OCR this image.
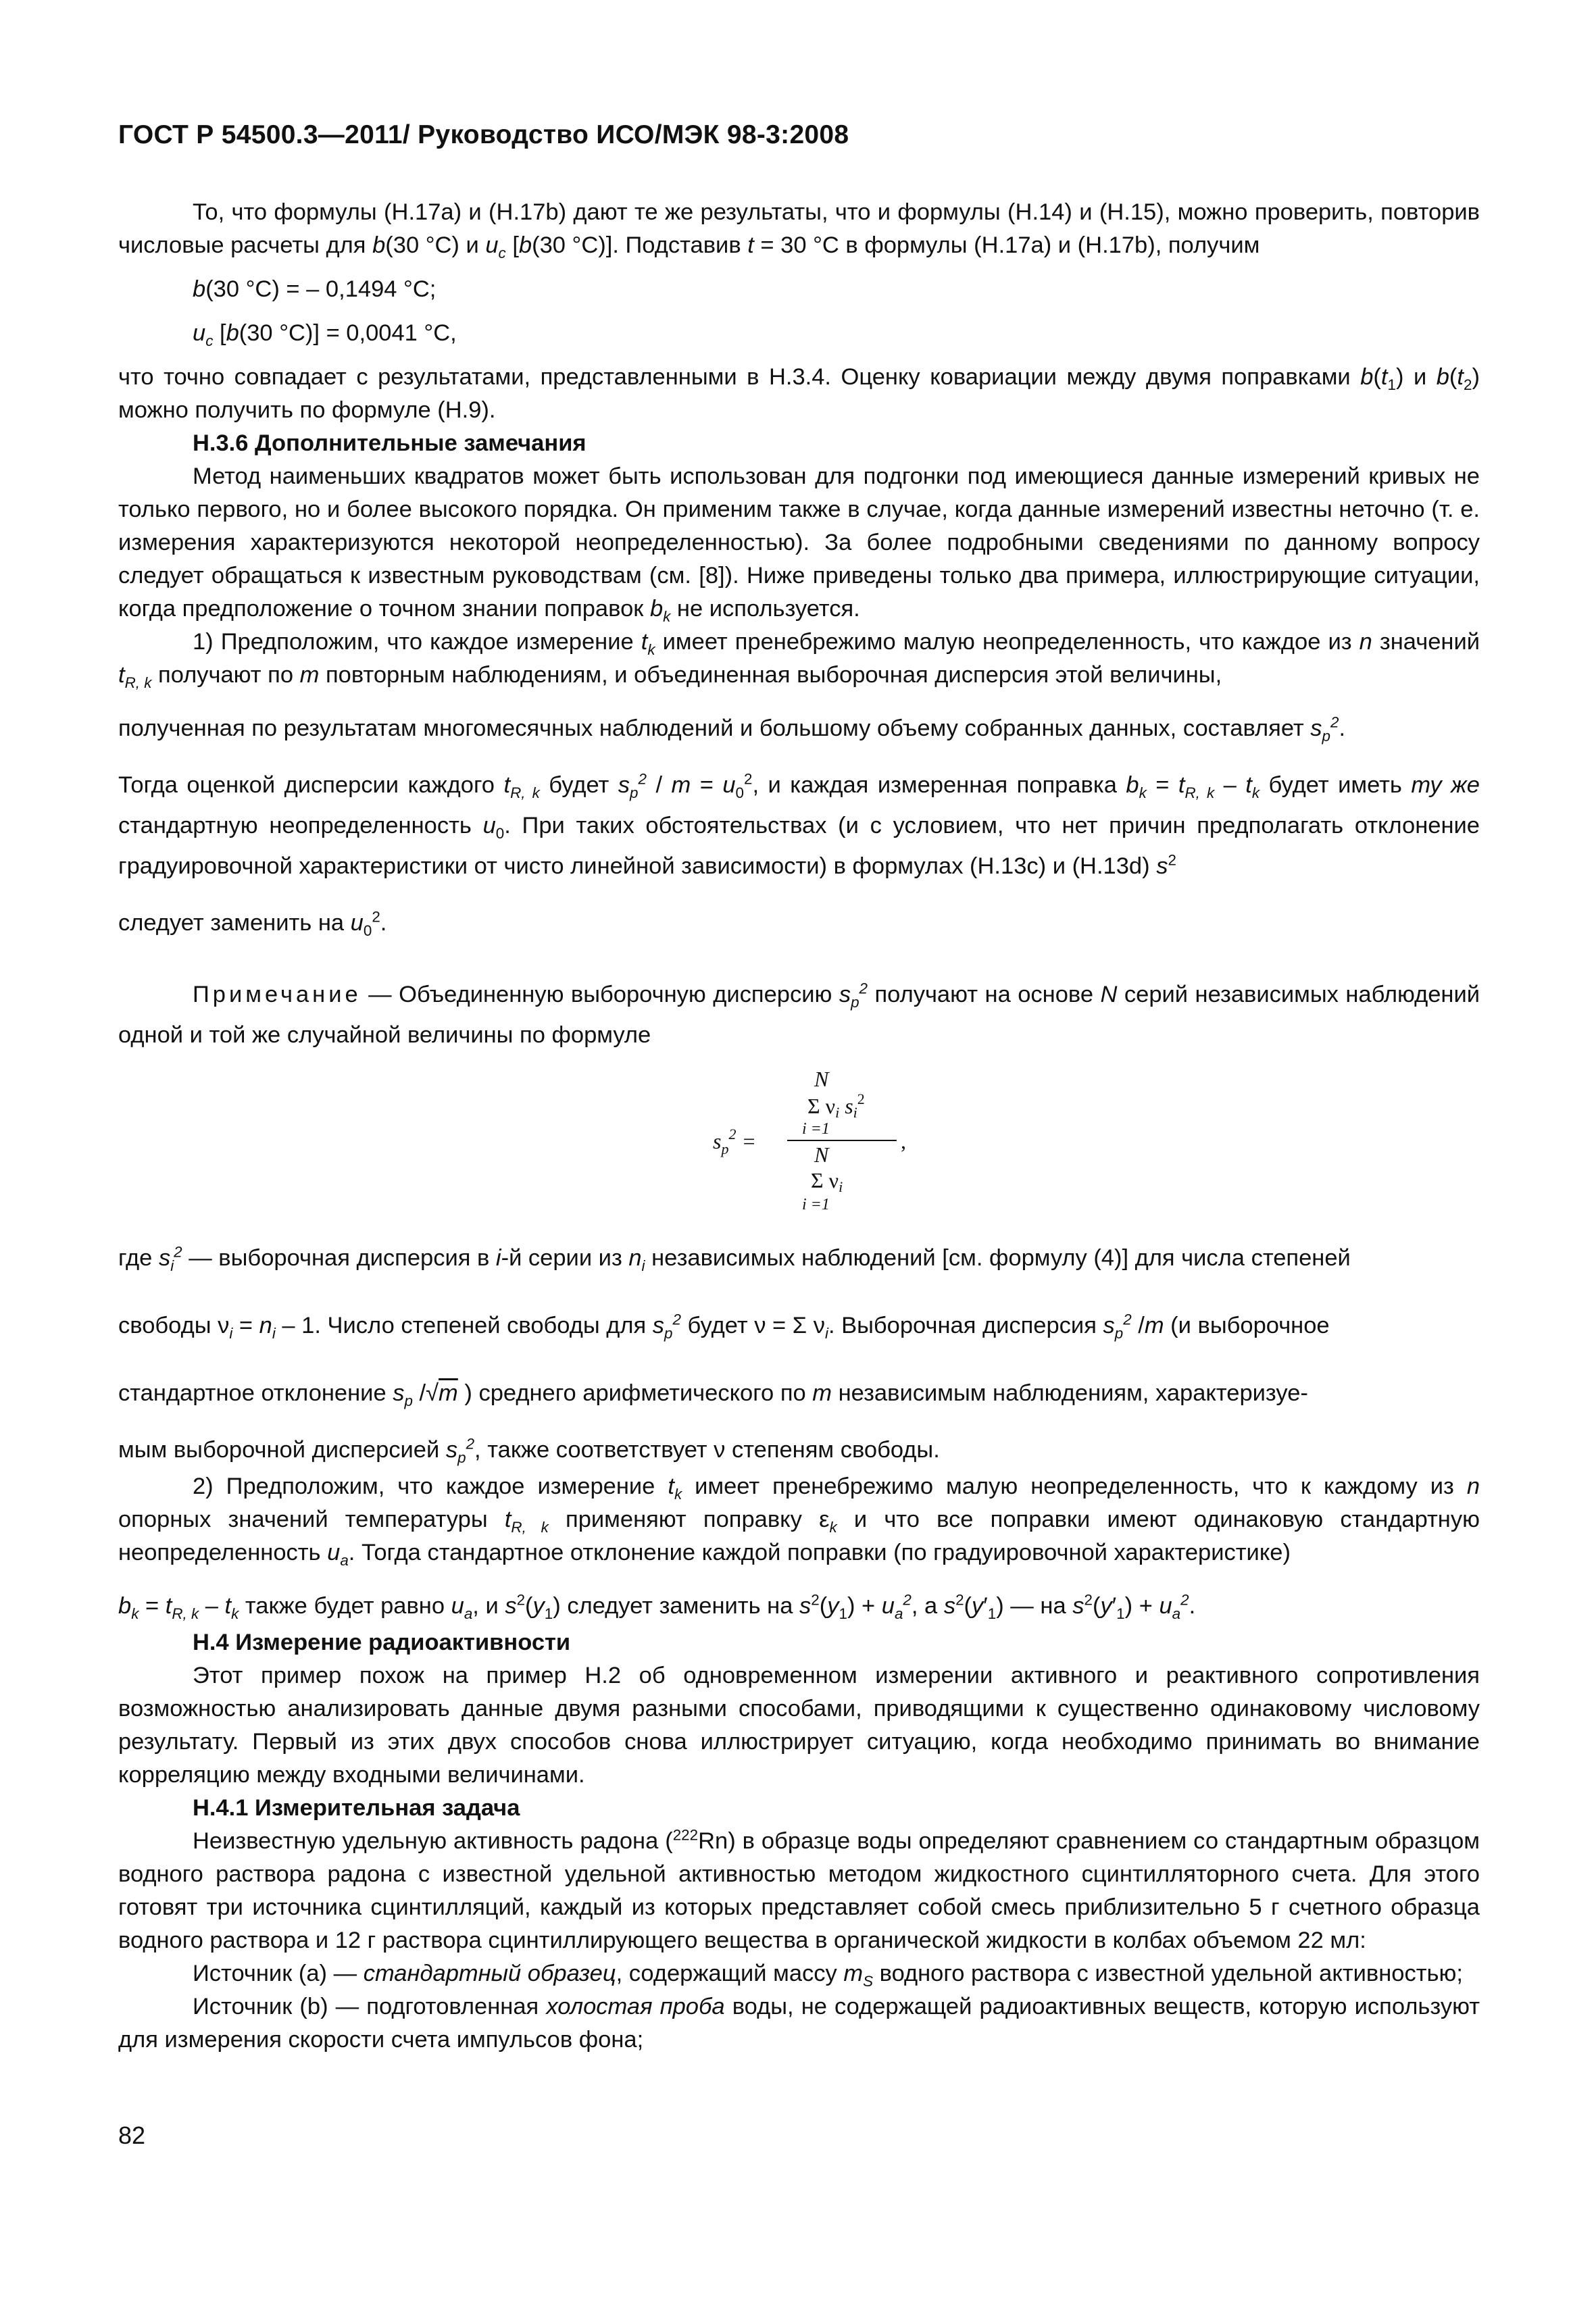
ГОСТ Р 54500.3—2011/ Руководство ИСО/МЭК 98-3:2008

То, что формулы (Н.17а) и (Н.17b) дают те же результаты, что и формулы (Н.14) и (Н.15), можно проверить, повторив числовые расчеты для b(30 °C) и $u_c$ [b(30 °C)]. Подставив t = 30 °C в формулы (Н.17а) и (Н.17b), получим

b(30 °C) = – 0,1494 °C;

$u_c$ [b(30 °C)] = 0,0041 °C,

что точно совпадает с результатами, представленными в Н.3.4. Оценку ковариации между двумя поправками $b(t_1)$ и $b(t_2)$ можно получить по формуле (Н.9).

Н.3.6 Дополнительные замечания

Метод наименьших квадратов может быть использован для подгонки под имеющиеся данные измерений кривых не только первого, но и более высокого порядка. Он применим также в случае, когда данные измерений известны неточно (т. е. измерения характеризуются некоторой неопределенностью). За более подробными сведениями по данному вопросу следует обращаться к известным руководствам (см. [8]). Ниже приведены только два примера, иллюстрирующие ситуации, когда предположение о точном знании поправок $b_k$ не используется.

1) Предположим, что каждое измерение $t_k$ имеет пренебрежимо малую неопределенность, что каждое из n значений $t_{R, k}$ получают по m повторным наблюдениям, и объединенная выборочная дисперсия этой величины,

полученная по результатам многомесячных наблюдений и большому объему собранных данных, составляет $s_p^2$.

Тогда оценкой дисперсии каждого $t_{R, k}$ будет $s_p^2 / m = u_0^2$, и каждая измеренная поправка $b_k = t_{R, k} - t_k$ будет иметь ту же стандартную неопределенность $u_0$. При таких обстоятельствах (и с условием, что нет причин предполагать отклонение градуировочной характеристики от чисто линейной зависимости) в формулах (Н.13с) и (Н.13d) $s^2$

следует заменить на $u_0^2$.

Примечание — Объединенную выборочную дисперсию $s_p^2$ получают на основе N серий независимых наблюдений одной и той же случайной величины по формуле

N
Σ νi $si^2$
i =1
$s_p^2$ =	,
N
Σ νi
i =1

где $s_i^2$ — выборочная дисперсия в i-й серии из $n_i$ независимых наблюдений [см. формулу (4)] для числа степеней

свободы $\nu_i = n_i - 1$. Число степеней свободы для $s_p^2$ будет ν = Σ $\nu_i$. Выборочная дисперсия $s_p^2$ /m (и выборочное

стандартное отклонение $s_p$ /√m ) среднего арифметического по m независимым наблюдениям, характеризуе-

мым выборочной дисперсией $s_p^2$, также соответствует ν степеням свободы.

2) Предположим, что каждое измерение $t_k$ имеет пренебрежимо малую неопределенность, что к каждому из n опорных значений температуры $t_{R, k}$ применяют поправку $\varepsilon_k$ и что все поправки имеют одинаковую стандартную неопределенность $u_a$. Тогда стандартное отклонение каждой поправки (по градуировочной характеристике)

$b_k = t_{R, k} - t_k$ также будет равно $u_a$, и $s^2(y_1)$ следует заменить на $s^2(y_1) + u_a^2$, а $s^2(y'_1)$ — на $s^2(y'_1) + u_a^2$.

Н.4 Измерение радиоактивности

Этот пример похож на пример Н.2 об одновременном измерении активного и реактивного сопротивления возможностью анализировать данные двумя разными способами, приводящими к существенно одинаковому числовому результату. Первый из этих двух способов снова иллюстрирует ситуацию, когда необходимо принимать во внимание корреляцию между входными величинами.

Н.4.1 Измерительная задача

Неизвестную удельную активность радона ($^{222}$Rn) в образце воды определяют сравнением со стандартным образцом водного раствора радона с известной удельной активностью методом жидкостного сцинтилляторного счета. Для этого готовят три источника сцинтилляций, каждый из которых представляет собой смесь приблизительно 5 г счетного образца водного раствора и 12 г раствора сцинтиллирующего вещества в органической жидкости в колбах объемом 22 мл:

Источник (а) — стандартный образец, содержащий массу $m_S$ водного раствора с известной удельной активностью;

Источник (b) — подготовленная холостая проба воды, не содержащей радиоактивных веществ, которую используют для измерения скорости счета импульсов фона;

82
